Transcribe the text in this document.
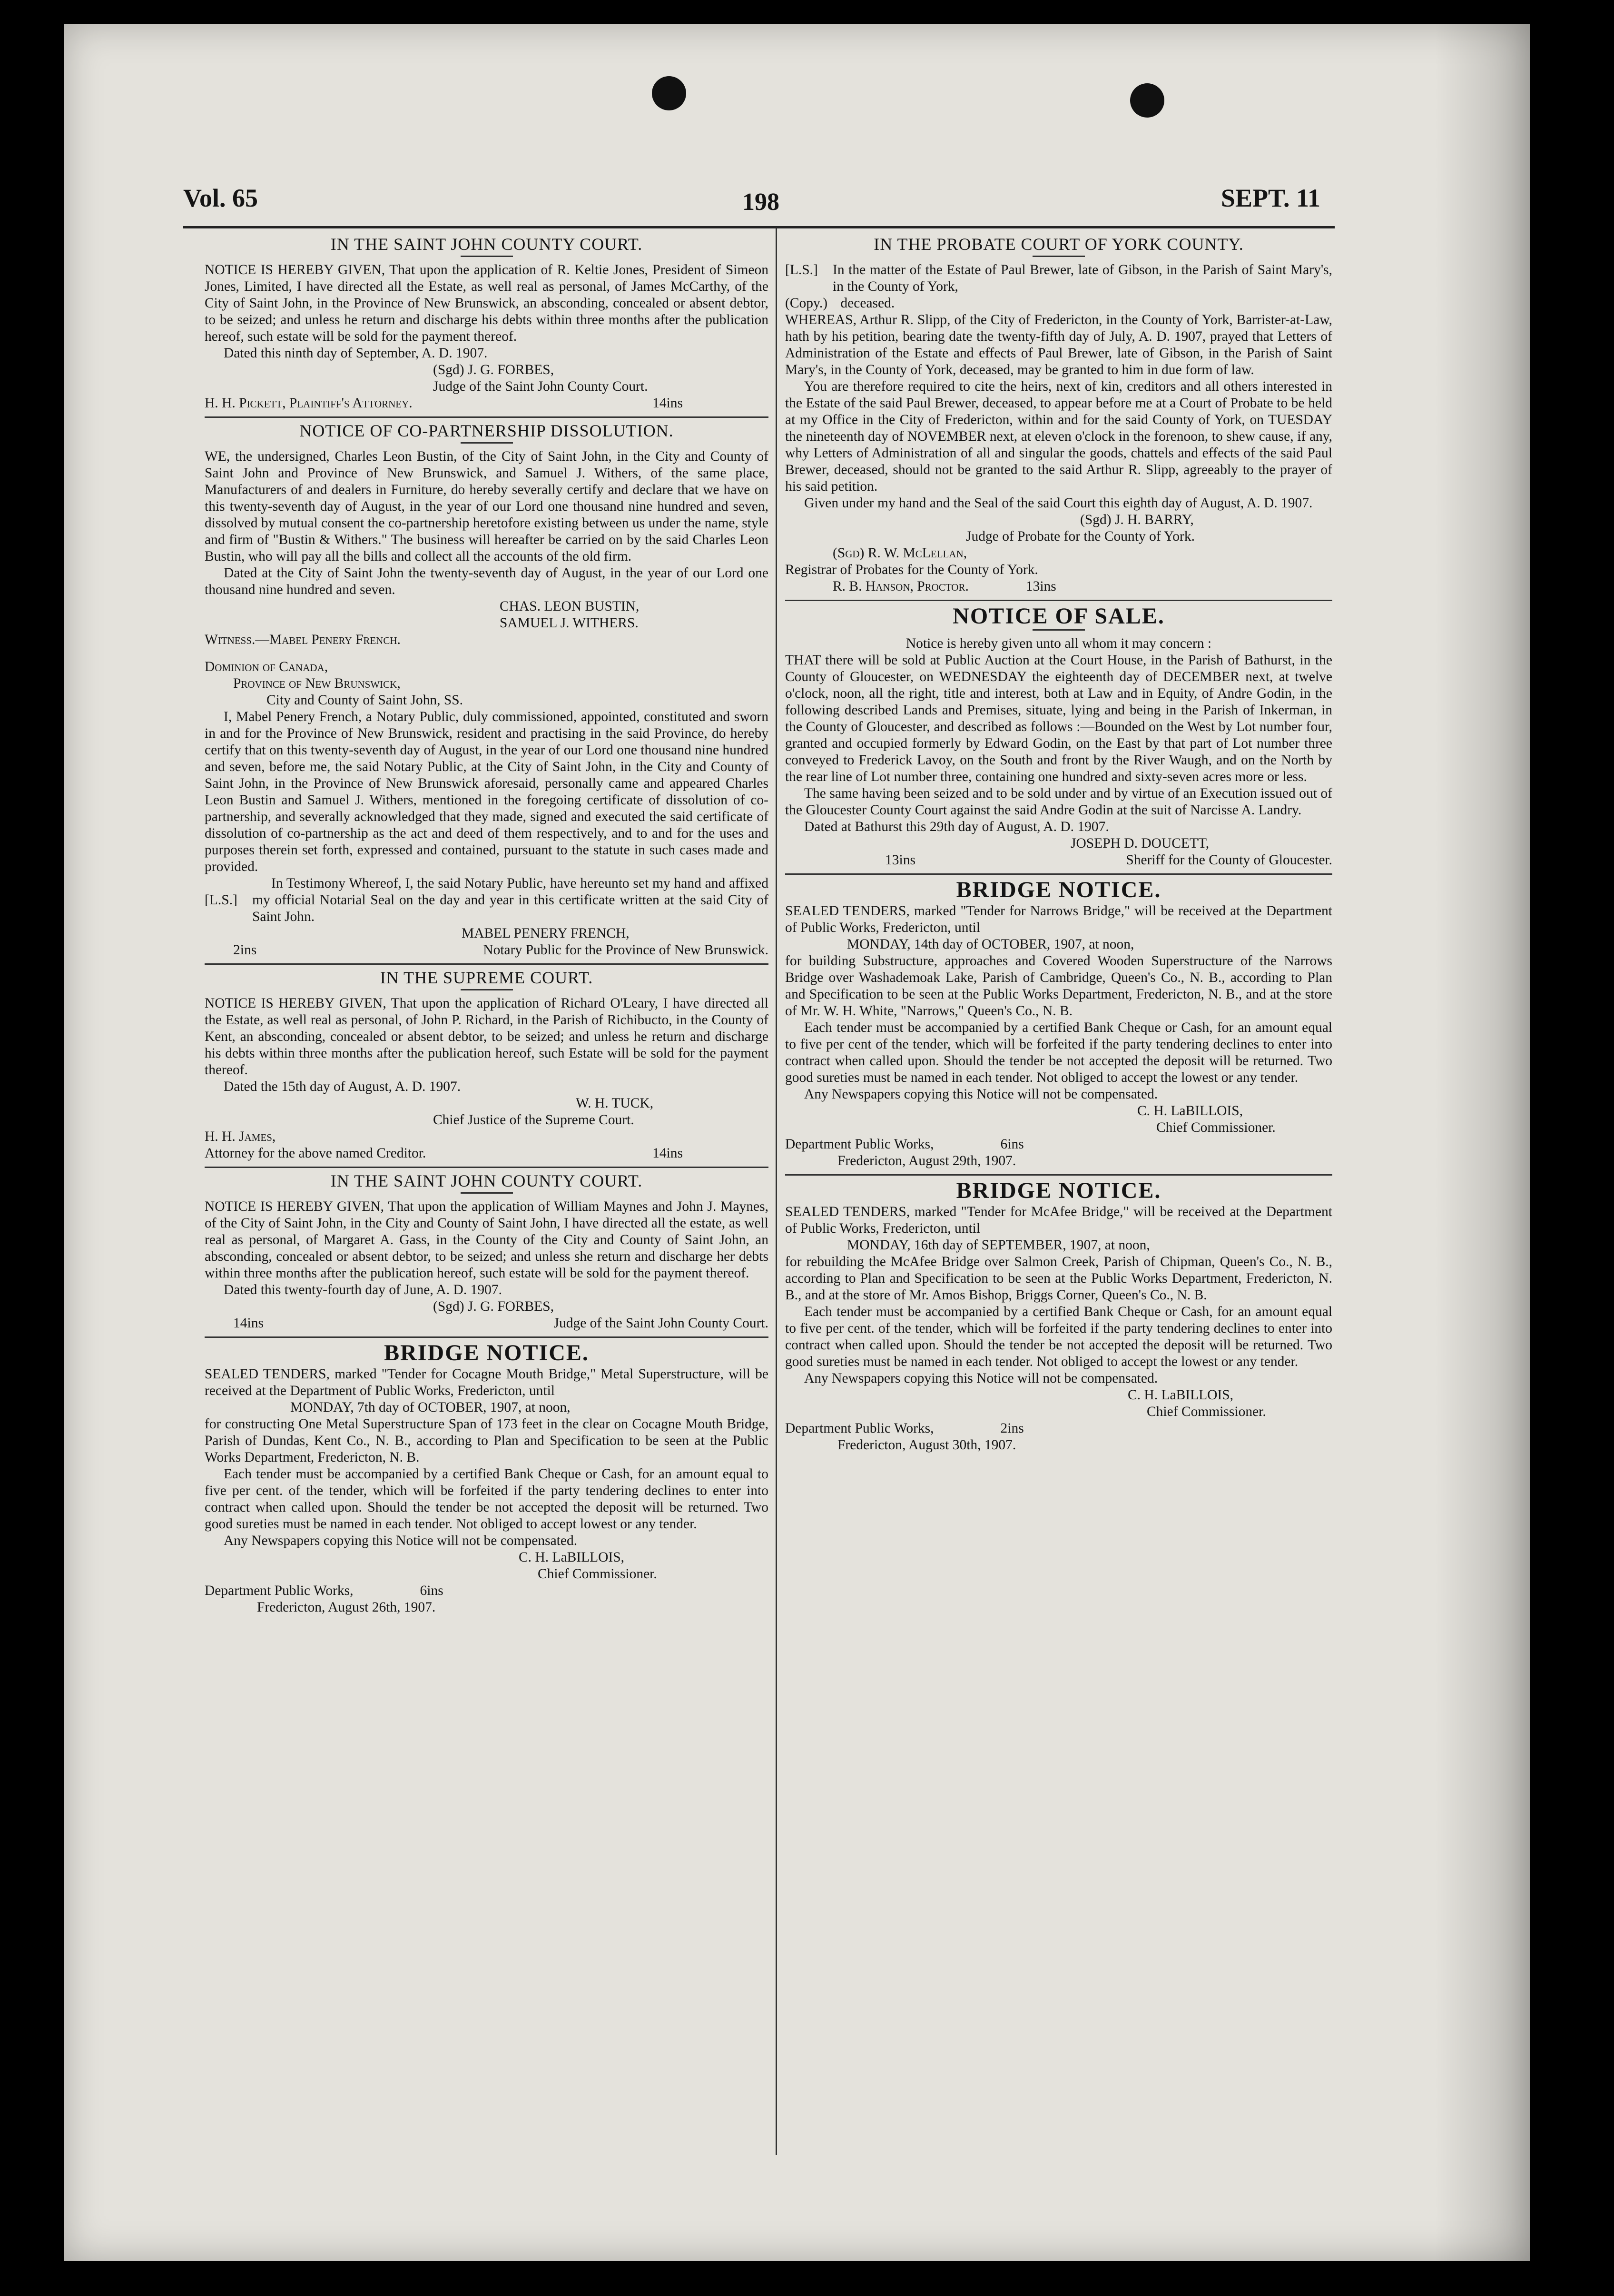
Vol. 65	198	SEPT. 11
IN THE SAINT JOHN COUNTY COURT.

NOTICE IS HEREBY GIVEN, That upon the application of R. Keltie Jones, President of Simeon Jones, Limited, I have directed all the Estate, as well real as personal, of James McCarthy, of the City of Saint John, in the Province of New Brunswick, an absconding, concealed or absent debtor, to be seized; and unless he return and discharge his debts within three months after the publication hereof, such estate will be sold for the payment thereof.

Dated this ninth day of September, A. D. 1907.

(Sgd) J. G. FORBES,

Judge of the Saint John County Court.

H. H. Pickett, Plaintiff's Attorney.	14ins
NOTICE OF CO-PARTNERSHIP DISSOLUTION.

WE, the undersigned, Charles Leon Bustin, of the City of Saint John, in the City and County of Saint John and Province of New Brunswick, and Samuel J. Withers, of the same place, Manufacturers of and dealers in Furniture, do hereby severally certify and declare that we have on this twenty-seventh day of August, in the year of our Lord one thousand nine hundred and seven, dissolved by mutual consent the co-partnership heretofore existing between us under the name, style and firm of "Bustin & Withers." The business will hereafter be carried on by the said Charles Leon Bustin, who will pay all the bills and collect all the accounts of the old firm.

Dated at the City of Saint John the twenty-seventh day of August, in the year of our Lord one thousand nine hundred and seven.

CHAS. LEON BUSTIN,

SAMUEL J. WITHERS.

Witness.—Mabel Penery French.

Dominion of Canada,

Province of New Brunswick,

City and County of Saint John, SS.

I, Mabel Penery French, a Notary Public, duly commissioned, appointed, constituted and sworn in and for the Province of New Brunswick, resident and practising in the said Province, do hereby certify that on this twenty-seventh day of August, in the year of our Lord one thousand nine hundred and seven, before me, the said Notary Public, at the City of Saint John, in the City and County of Saint John, in the Province of New Brunswick aforesaid, personally came and appeared Charles Leon Bustin and Samuel J. Withers, mentioned in the foregoing certificate of dissolution of co-partnership, and severally acknowledged that they made, signed and executed the said certificate of dissolution of co-partnership as the act and deed of them respectively, and to and for the uses and purposes therein set forth, expressed and contained, pursuant to the statute in such cases made and provided.

[L.S.]

In Testimony Whereof, I, the said Notary Public, have hereunto set my hand and affixed my official Notarial Seal on the day and year in this certificate written at the said City of Saint John.

MABEL PENERY FRENCH,

2ins	Notary Public for the Province of New Brunswick.
IN THE SUPREME COURT.

NOTICE IS HEREBY GIVEN, That upon the application of Richard O'Leary, I have directed all the Estate, as well real as personal, of John P. Richard, in the Parish of Richibucto, in the County of Kent, an absconding, concealed or absent debtor, to be seized; and unless he return and discharge his debts within three months after the publication hereof, such Estate will be sold for the payment thereof.

Dated the 15th day of August, A. D. 1907.

W. H. TUCK,

Chief Justice of the Supreme Court.

H. H. James,

Attorney for the above named Creditor.	14ins
IN THE SAINT JOHN COUNTY COURT.

NOTICE IS HEREBY GIVEN, That upon the application of William Maynes and John J. Maynes, of the City of Saint John, in the City and County of Saint John, I have directed all the estate, as well real as personal, of Margaret A. Gass, in the County of the City and County of Saint John, an absconding, concealed or absent debtor, to be seized; and unless she return and discharge her debts within three months after the publication hereof, such estate will be sold for the payment thereof.

Dated this twenty-fourth day of June, A. D. 1907.

(Sgd) J. G. FORBES,

14ins	Judge of the Saint John County Court.
BRIDGE NOTICE.

SEALED TENDERS, marked "Tender for Cocagne Mouth Bridge," Metal Superstructure, will be received at the Department of Public Works, Fredericton, until

MONDAY, 7th day of OCTOBER, 1907, at noon,

for constructing One Metal Superstructure Span of 173 feet in the clear on Cocagne Mouth Bridge, Parish of Dundas, Kent Co., N. B., according to Plan and Specification to be seen at the Public Works Department, Fredericton, N. B.

Each tender must be accompanied by a certified Bank Cheque or Cash, for an amount equal to five per cent. of the tender, which will be forfeited if the party tendering declines to enter into contract when called upon. Should the tender be not accepted the deposit will be returned. Two good sureties must be named in each tender. Not obliged to accept lowest or any tender.

Any Newspapers copying this Notice will not be compensated.

C. H. LaBILLOIS,

Chief Commissioner.

Department Public Works,	6ins

Fredericton, August 26th, 1907.

IN THE PROBATE COURT OF YORK COUNTY.
[L.S.]	In the matter of the Estate of Paul Brewer, late of Gibson, in the Parish of Saint Mary's, in the County of York,

(Copy.) deceased.

WHEREAS, Arthur R. Slipp, of the City of Fredericton, in the County of York, Barrister-at-Law, hath by his petition, bearing date the twenty-fifth day of July, A. D. 1907, prayed that Letters of Administration of the Estate and effects of Paul Brewer, late of Gibson, in the Parish of Saint Mary's, in the County of York, deceased, may be granted to him in due form of law.

You are therefore required to cite the heirs, next of kin, creditors and all others interested in the Estate of the said Paul Brewer, deceased, to appear before me at a Court of Probate to be held at my Office in the City of Fredericton, within and for the said County of York, on TUESDAY the nineteenth day of NOVEMBER next, at eleven o'clock in the forenoon, to shew cause, if any, why Letters of Administration of all and singular the goods, chattels and effects of the said Paul Brewer, deceased, should not be granted to the said Arthur R. Slipp, agreeably to the prayer of his said petition.

Given under my hand and the Seal of the said Court this eighth day of August, A. D. 1907.

(Sgd) J. H. BARRY,

Judge of Probate for the County of York.

(Sgd) R. W. McLellan,

Registrar of Probates for the County of York.

R. B. Hanson, Proctor.	13ins

NOTICE OF SALE.

Notice is hereby given unto all whom it may concern :

THAT there will be sold at Public Auction at the Court House, in the Parish of Bathurst, in the County of Gloucester, on WEDNESDAY the eighteenth day of DECEMBER next, at twelve o'clock, noon, all the right, title and interest, both at Law and in Equity, of Andre Godin, in the following described Lands and Premises, situate, lying and being in the Parish of Inkerman, in the County of Gloucester, and described as follows :—Bounded on the West by Lot number four, granted and occupied formerly by Edward Godin, on the East by that part of Lot number three conveyed to Frederick Lavoy, on the South and front by the River Waugh, and on the North by the rear line of Lot number three, containing one hundred and sixty-seven acres more or less.

The same having been seized and to be sold under and by virtue of an Execution issued out of the Gloucester County Court against the said Andre Godin at the suit of Narcisse A. Landry.

Dated at Bathurst this 29th day of August, A. D. 1907.

JOSEPH D. DOUCETT,

13ins	Sheriff for the County of Gloucester.
BRIDGE NOTICE.

SEALED TENDERS, marked "Tender for Narrows Bridge," will be received at the Department of Public Works, Fredericton, until

MONDAY, 14th day of OCTOBER, 1907, at noon,

for building Substructure, approaches and Covered Wooden Superstructure of the Narrows Bridge over Washademoak Lake, Parish of Cambridge, Queen's Co., N. B., according to Plan and Specification to be seen at the Public Works Department, Fredericton, N. B., and at the store of Mr. W. H. White, "Narrows," Queen's Co., N. B.

Each tender must be accompanied by a certified Bank Cheque or Cash, for an amount equal to five per cent of the tender, which will be forfeited if the party tendering declines to enter into contract when called upon. Should the tender be not accepted the deposit will be returned. Two good sureties must be named in each tender. Not obliged to accept the lowest or any tender.

Any Newspapers copying this Notice will not be compensated.

C. H. LaBILLOIS,

Chief Commissioner.

Department Public Works,	6ins

Fredericton, August 29th, 1907.

BRIDGE NOTICE.

SEALED TENDERS, marked "Tender for McAfee Bridge," will be received at the Department of Public Works, Fredericton, until

MONDAY, 16th day of SEPTEMBER, 1907, at noon,

for rebuilding the McAfee Bridge over Salmon Creek, Parish of Chipman, Queen's Co., N. B., according to Plan and Specification to be seen at the Public Works Department, Fredericton, N. B., and at the store of Mr. Amos Bishop, Briggs Corner, Queen's Co., N. B.

Each tender must be accompanied by a certified Bank Cheque or Cash, for an amount equal to five per cent. of the tender, which will be forfeited if the party tendering declines to enter into contract when called upon. Should the tender be not accepted the deposit will be returned. Two good sureties must be named in each tender. Not obliged to accept the lowest or any tender.

Any Newspapers copying this Notice will not be compensated.

C. H. LaBILLOIS,

Chief Commissioner.

Department Public Works,	2ins

Fredericton, August 30th, 1907.
